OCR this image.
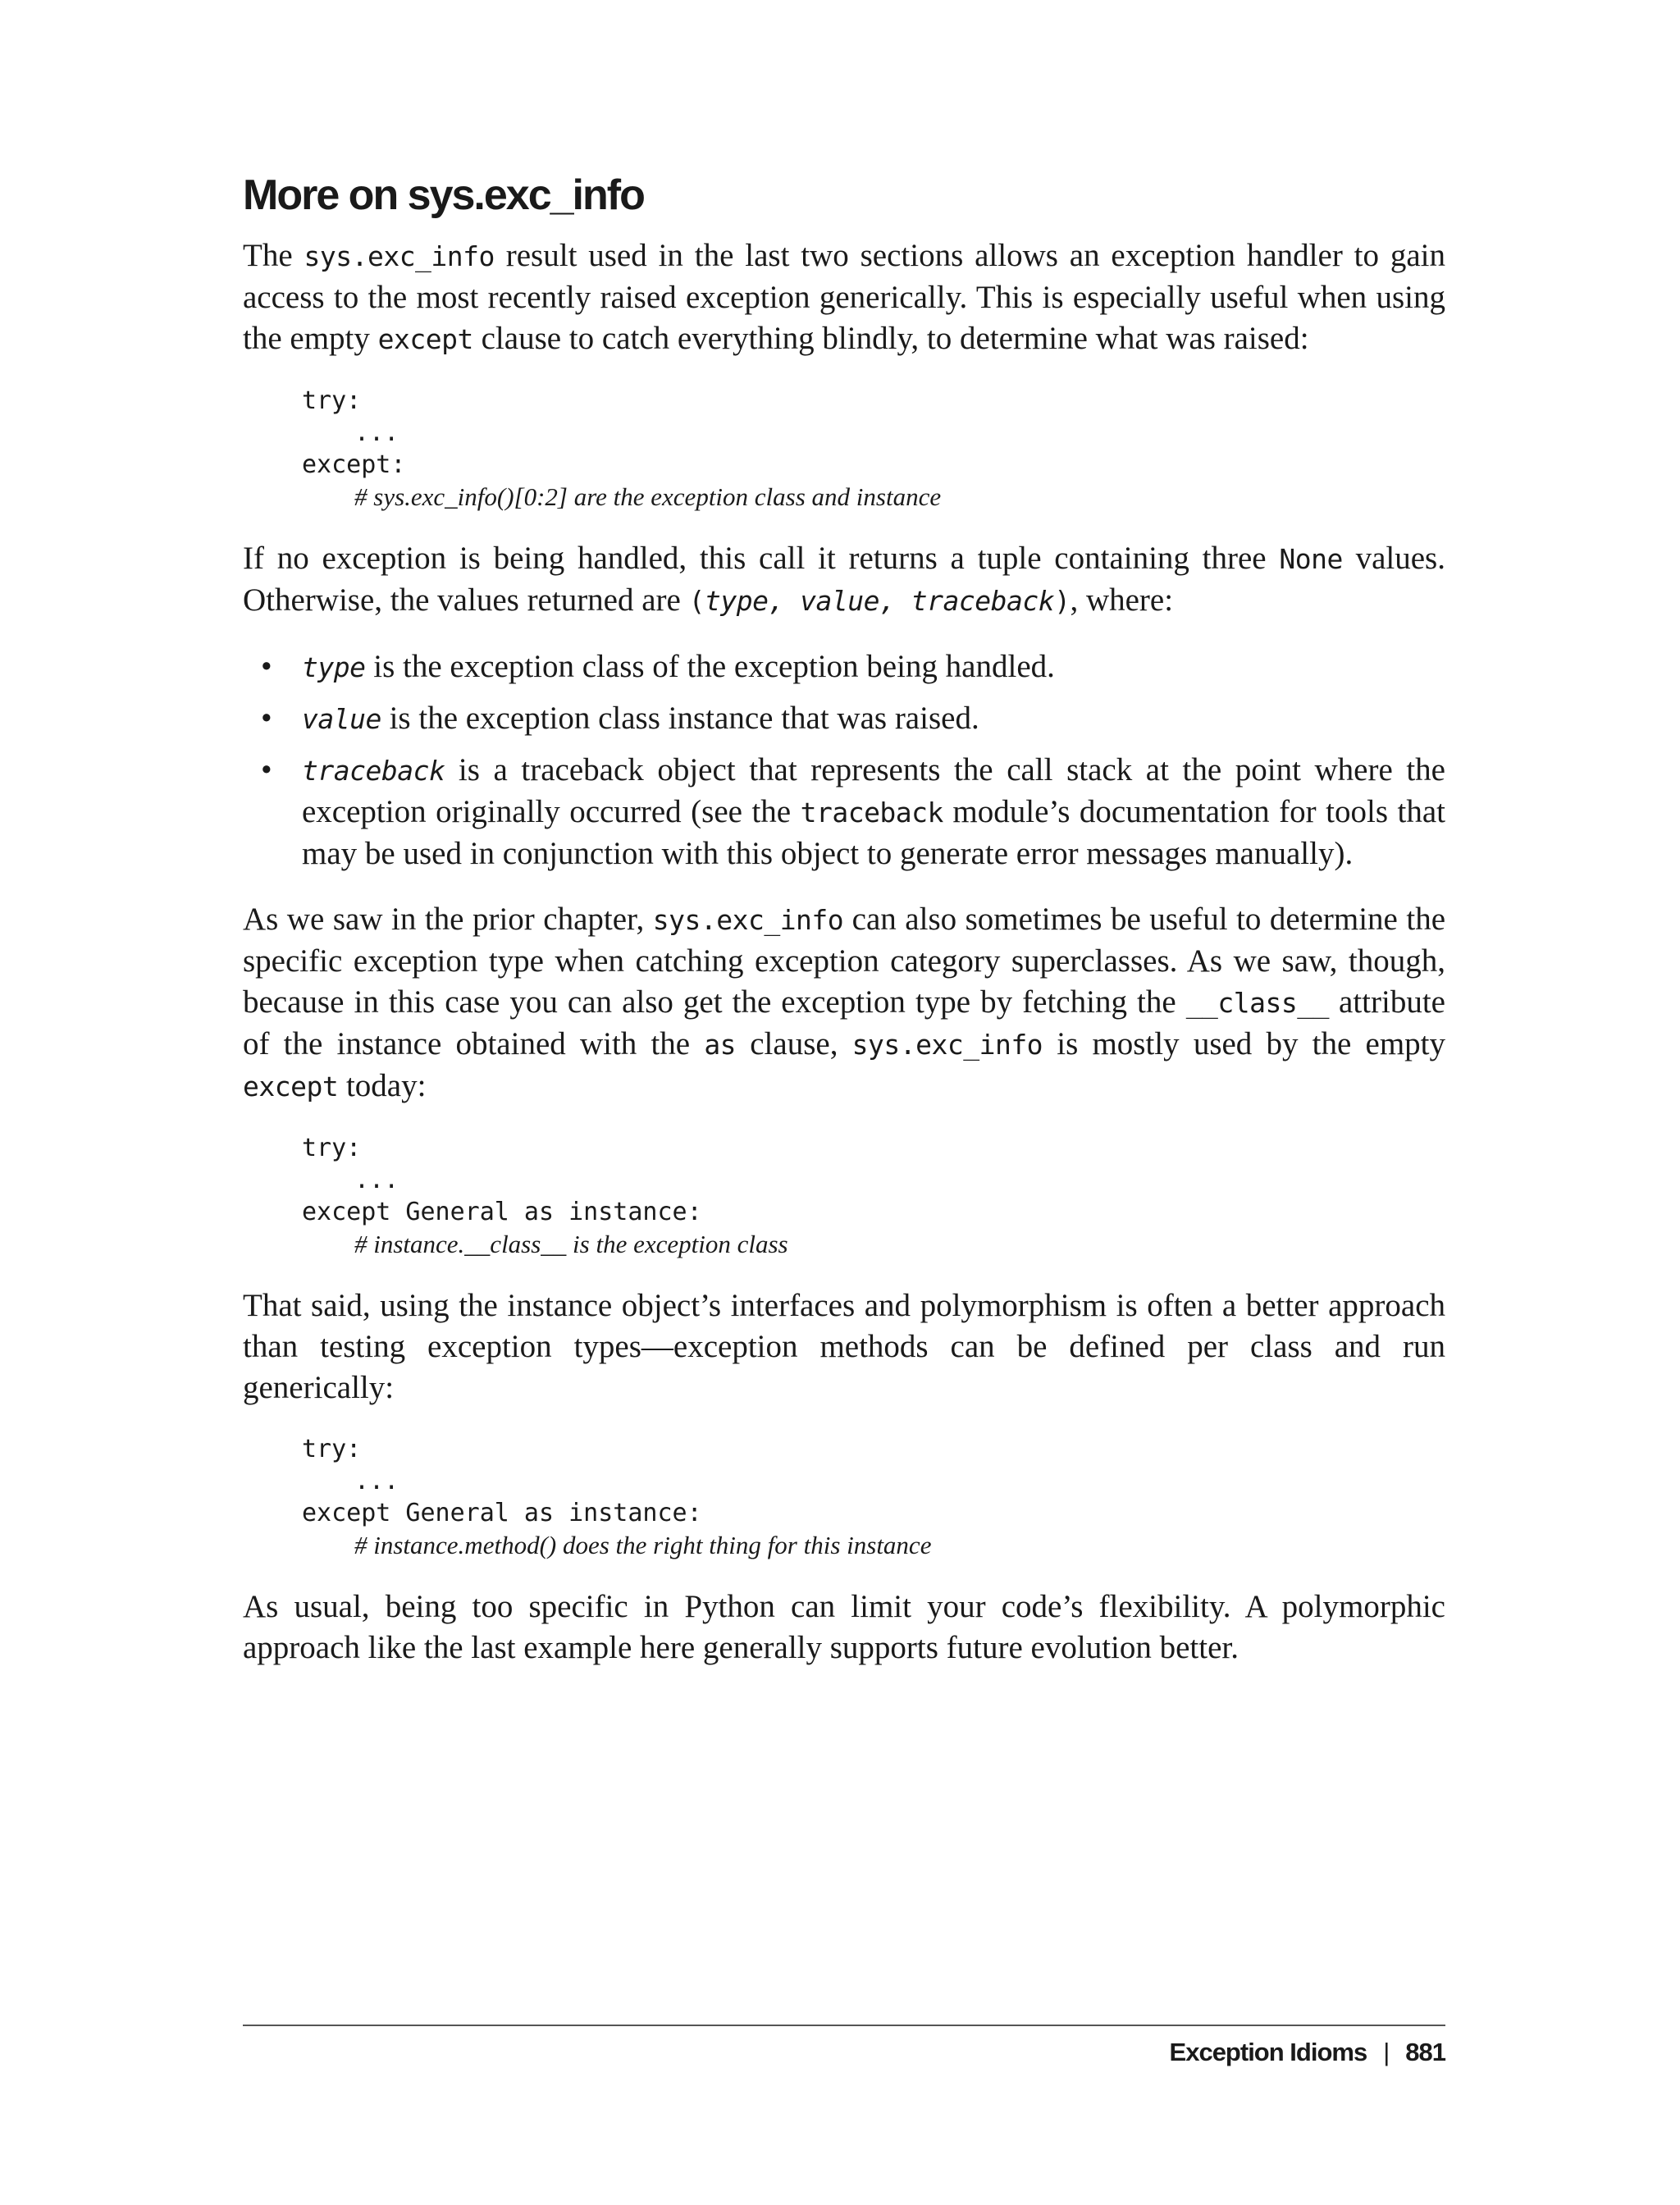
More on sys.exc_info

The sys.exc_info result used in the last two sections allows an exception handler to gain access to the most recently raised exception generically. This is especially useful when using the empty except clause to catch everything blindly, to determine what was raised:

try:
...
except:
# sys.exc_info()[0:2] are the exception class and instance

If no exception is being handled, this call it returns a tuple containing three None values. Otherwise, the values returned are (type, value, traceback), where:

• type is the exception class of the exception being handled.
• value is the exception class instance that was raised.
• traceback is a traceback object that represents the call stack at the point where the exception originally occurred (see the traceback module’s documentation for tools that may be used in conjunction with this object to generate error messages manually).

As we saw in the prior chapter, sys.exc_info can also sometimes be useful to determine the specific exception type when catching exception category superclasses. As we saw, though, because in this case you can also get the exception type by fetching the __class__ attribute of the instance obtained with the as clause, sys.exc_info is mostly used by the empty except today:

try:
...
except General as instance:
# instance.__class__ is the exception class

That said, using the instance object’s interfaces and polymorphism is often a better approach than testing exception types—exception methods can be defined per class and run generically:

try:
...
except General as instance:
# instance.method() does the right thing for this instance

As usual, being too specific in Python can limit your code’s flexibility. A polymorphic approach like the last example here generally supports future evolution better.

Exception Idioms | 881
